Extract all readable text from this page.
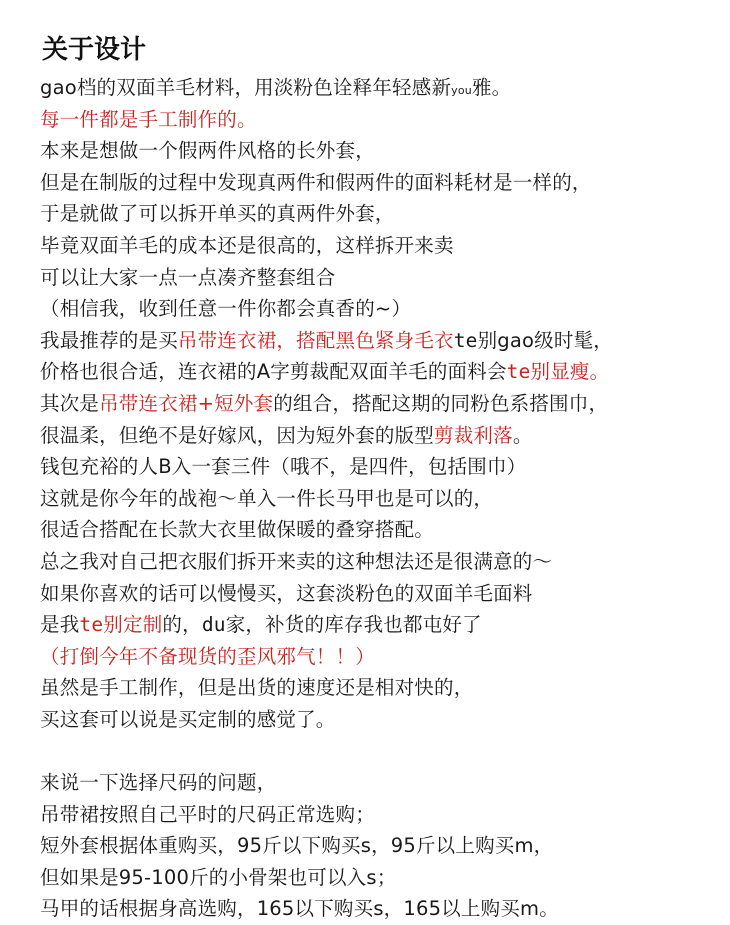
关于设计
gao档的双面羊毛材料，用淡粉色诠释年轻感新you雅。
每一件都是手工制作的。
本来是想做一个假两件风格的长外套，
但是在制版的过程中发现真两件和假两件的面料耗材是一样的，
于是就做了可以拆开单买的真两件外套，
毕竟双面羊毛的成本还是很高的，这样拆开来卖
可以让大家一点一点凑齐整套组合
（相信我，收到任意一件你都会真香的~）
我最推荐的是买吊带连衣裙，搭配黑色紧身毛衣te别gao级时髦，
价格也很合适，连衣裙的A字剪裁配双面羊毛的面料会te别显瘦。
其次是吊带连衣裙+短外套的组合，搭配这期的同粉色系搭围巾，
很温柔，但绝不是好嫁风，因为短外套的版型剪裁利落。
钱包充裕的人B入一套三件（哦不，是四件，包括围巾）
这就是你今年的战袍～单入一件长马甲也是可以的，
很适合搭配在长款大衣里做保暖的叠穿搭配。
总之我对自己把衣服们拆开来卖的这种想法还是很满意的～
如果你喜欢的话可以慢慢买，这套淡粉色的双面羊毛面料
是我te别定制的，du家，补货的库存我也都屯好了
（打倒今年不备现货的歪风邪气！！）
虽然是手工制作，但是出货的速度还是相对快的，
买这套可以说是买定制的感觉了。
来说一下选择尺码的问题，
吊带裙按照自己平时的尺码正常选购；
短外套根据体重购买，95斤以下购买s，95斤以上购买m，
但如果是95-100斤的小骨架也可以入s；
马甲的话根据身高选购，165以下购买s，165以上购买m。
